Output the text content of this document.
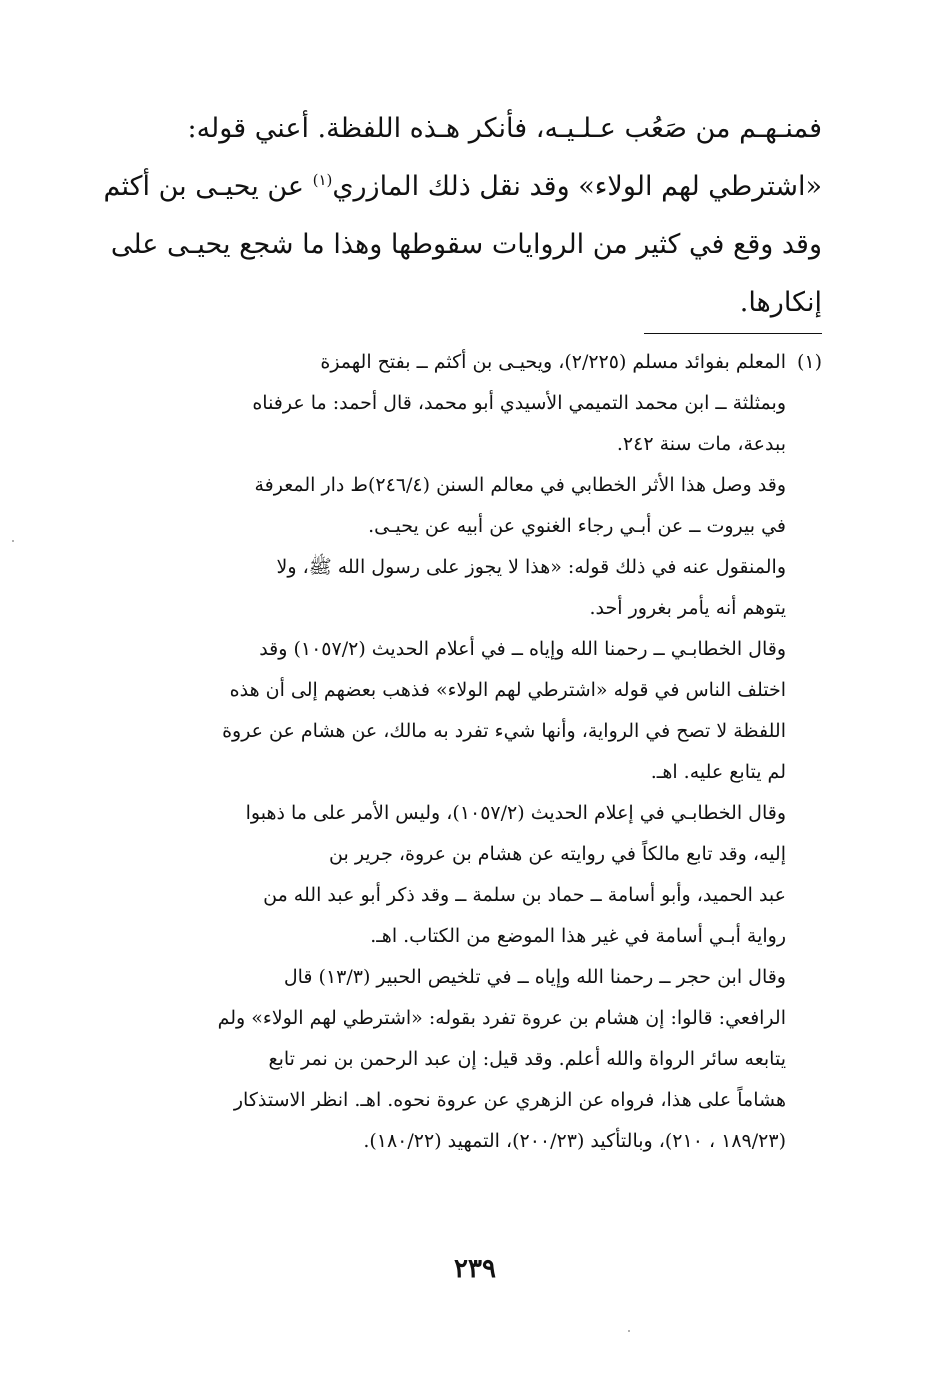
فمنـهـم من صَعُب عـلـيـه، فأنكر هـذه اللفظة. أعني قوله:
«اشترطي لهم الولاء» وقد نقل ذلك المازري$^{(١)}$ عن يحيـى بن أكثم
وقد وقع في كثير من الروايات سقوطها وهذا ما شجع يحيـى على
إنكارها.
(١)المعلم بفوائد مسلم (٢/٢٢٥)، ويحيـى بن أكثم ــ بفتح الهمزة
وبمثلثة ــ ابن محمد التميمي الأسيدي أبو محمد، قال أحمد: ما عرفناه
ببدعة، مات سنة ٢٤٢.
وقد وصل هذا الأثر الخطابي في معالم السنن (٢٤٦/٤)ط دار المعرفة
في بيروت ــ عن أبـي رجاء الغنوي عن أبيه عن يحيـى.
والمنقول عنه في ذلك قوله: «هذا لا يجوز على رسول الله ﷺ، ولا
يتوهم أنه يأمر بغرور أحد.
وقال الخطابـي ــ رحمنا الله وإياه ــ في أعلام الحديث (١٠٥٧/٢) وقد
اختلف الناس في قوله «اشترطي لهم الولاء» فذهب بعضهم إلى أن هذه
اللفظة لا تصح في الرواية، وأنها شيء تفرد به مالك، عن هشام عن عروة
لم يتابع عليه. اهـ.
وقال الخطابـي في إعلام الحديث (١٠٥٧/٢)، وليس الأمر على ما ذهبوا
إليه، وقد تابع مالكاً في روايته عن هشام بن عروة، جرير بن
عبد الحميد، وأبو أسامة ــ حماد بن سلمة ــ وقد ذكر أبو عبد الله من
رواية أبـي أسامة في غير هذا الموضع من الكتاب. اهـ.
وقال ابن حجر ــ رحمنا الله وإياه ــ في تلخيص الحبير (١٣/٣) قال
الرافعي: قالوا: إن هشام بن عروة تفرد بقوله: «اشترطي لهم الولاء» ولم
يتابعه سائر الرواة والله أعلم. وقد قيل: إن عبد الرحمن بن نمر تابع
هشاماً على هذا، فرواه عن الزهري عن عروة نحوه. اهـ. انظر الاستذكار
(١٨٩/٢٣ ، ٢١٠)، وبالتأكيد (٢٠٠/٢٣)، التمهيد (١٨٠/٢٢).
٢٣٩
